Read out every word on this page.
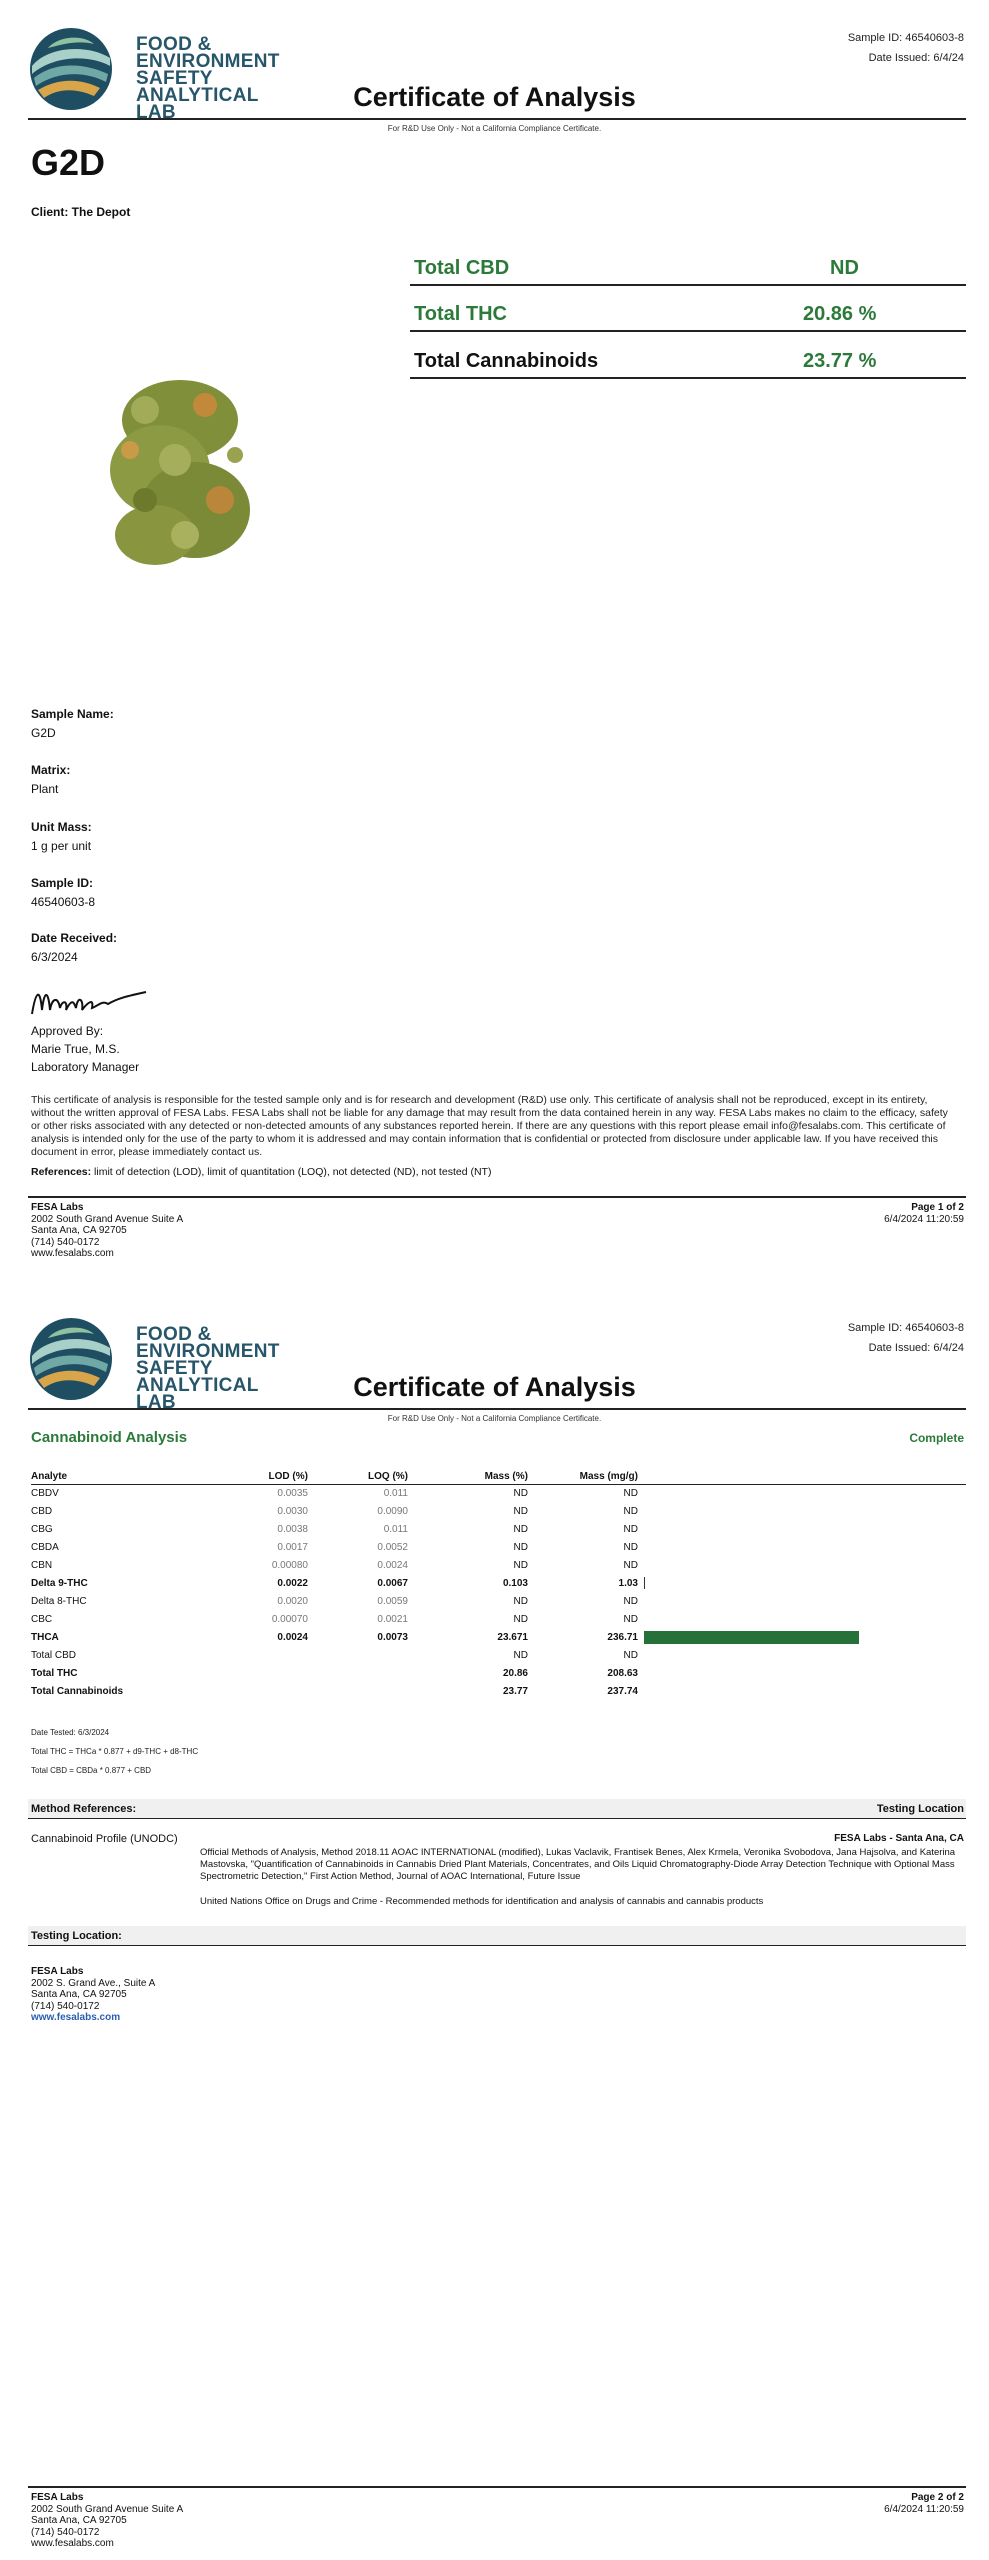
FOOD &
ENVIRONMENT
SAFETY
ANALYTICAL LAB
Sample ID: 46540603-8
Date Issued: 6/4/24
Certificate of Analysis
For R&D Use Only - Not a California Compliance Certificate.
G2D
Client: The Depot
Total CBD	ND
Total THC	20.86 %
Total Cannabinoids	23.77 %
Sample Name:
G2D
Matrix:
Plant
Unit Mass:
1 g per unit
Sample ID:
46540603-8
Date Received:
6/3/2024
Approved By:
Marie True, M.S.
Laboratory Manager
This certificate of analysis is responsible for the tested sample only and is for research and development (R&D) use only. This certificate of analysis shall not be reproduced, except in its entirety, without the written approval of FESA Labs. FESA Labs shall not be liable for any damage that may result from the data contained herein in any way. FESA Labs makes no claim to the efficacy, safety or other risks associated with any detected or non-detected amounts of any substances reported herein. If there are any questions with this report please email info@fesalabs.com. This certificate of analysis is intended only for the use of the party to whom it is addressed and may contain information that is confidential or protected from disclosure under applicable law. If you have received this document in error, please immediately contact us.
References: limit of detection (LOD), limit of quantitation (LOQ), not detected (ND), not tested (NT)
FESA Labs
2002 South Grand Avenue Suite A
Santa Ana, CA 92705
(714) 540-0172
www.fesalabs.com
Page 1 of 2
6/4/2024 11:20:59
FOOD &
ENVIRONMENT
SAFETY
ANALYTICAL LAB
Sample ID: 46540603-8
Date Issued: 6/4/24
Certificate of Analysis
For R&D Use Only - Not a California Compliance Certificate.
Cannabinoid Analysis	Complete
Analyte	LOD (%)	LOQ (%)	Mass (%)	Mass (mg/g)	
CBDV	0.0035	0.011	ND	ND	
CBD	0.0030	0.0090	ND	ND	
CBG	0.0038	0.011	ND	ND	
CBDA	0.0017	0.0052	ND	ND	
CBN	0.00080	0.0024	ND	ND	
Delta 9-THC	0.0022	0.0067	0.103	1.03	

Delta 8-THC	0.0020	0.0059	ND	ND	
CBC	0.00070	0.0021	ND	ND	
THCA	0.0024	0.0073	23.671	236.71	

Total CBD			ND	ND	
Total THC			20.86	208.63	
Total Cannabinoids			23.77	237.74	
Date Tested: 6/3/2024
Total THC = THCa * 0.877 + d9-THC + d8-THC
Total CBD = CBDa * 0.877 + CBD
Method References:	Testing Location
Cannabinoid Profile (UNODC)	FESA Labs - Santa Ana, CA
Official Methods of Analysis, Method 2018.11 AOAC INTERNATIONAL (modified), Lukas Vaclavik, Frantisek Benes, Alex Krmela, Veronika Svobodova, Jana Hajsolva, and Katerina Mastovska, "Quantification of Cannabinoids in Cannabis Dried Plant Materials, Concentrates, and Oils Liquid Chromatography-Diode Array Detection Technique with Optional Mass Spectrometric Detection," First Action Method, Journal of AOAC International, Future Issue
United Nations Office on Drugs and Crime - Recommended methods for identification and analysis of cannabis and cannabis products
Testing Location:
FESA Labs
2002 S. Grand Ave., Suite A
Santa Ana, CA 92705
(714) 540-0172
www.fesalabs.com
FESA Labs
2002 South Grand Avenue Suite A
Santa Ana, CA 92705
(714) 540-0172
www.fesalabs.com
Page 2 of 2
6/4/2024 11:20:59
